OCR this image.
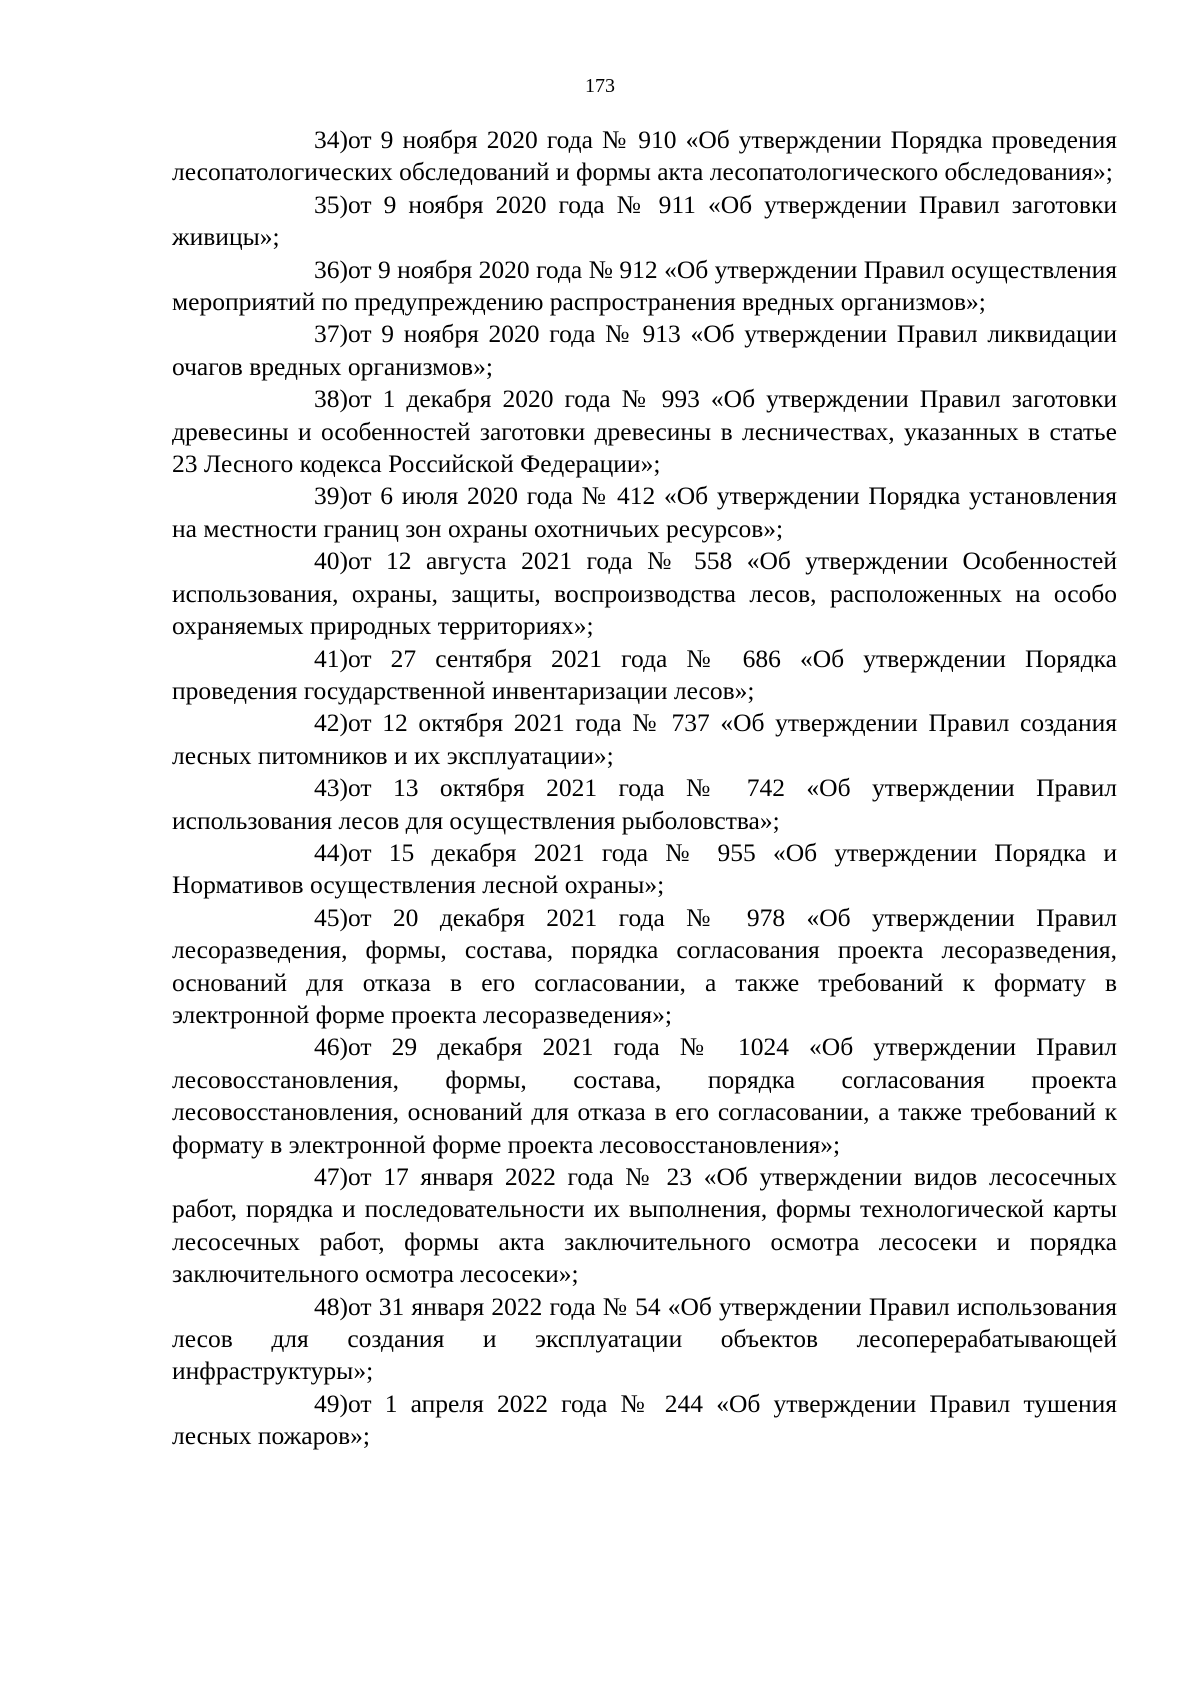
173

34)от 9 ноября 2020 года № 910 «Об утверждении Порядка проведения лесопатологических обследований и формы акта лесопатологического обследования»;

35)от 9 ноября 2020 года № 911 «Об утверждении Правил заготовки живицы»;

36)от 9 ноября 2020 года № 912 «Об утверждении Правил осуществления мероприятий по предупреждению распространения вредных организмов»;

37)от 9 ноября 2020 года № 913 «Об утверждении Правил ликвидации очагов вредных организмов»;

38)от 1 декабря 2020 года № 993 «Об утверждении Правил заготовки древесины и особенностей заготовки древесины в лесничествах, указанных в статье 23 Лесного кодекса Российской Федерации»;

39)от 6 июля 2020 года № 412 «Об утверждении Порядка установления на местности границ зон охраны охотничьих ресурсов»;

40)от 12 августа 2021 года № 558 «Об утверждении Особенностей использования, охраны, защиты, воспроизводства лесов, расположенных на особо охраняемых природных территориях»;

41)от 27 сентября 2021 года № 686 «Об утверждении Порядка проведения государственной инвентаризации лесов»;

42)от 12 октября 2021 года № 737 «Об утверждении Правил создания лесных питомников и их эксплуатации»;

43)от 13 октября 2021 года № 742 «Об утверждении Правил использования лесов для осуществления рыболовства»;

44)от 15 декабря 2021 года № 955 «Об утверждении Порядка и Нормативов осуществления лесной охраны»;

45)от 20 декабря 2021 года № 978 «Об утверждении Правил лесоразведения, формы, состава, порядка согласования проекта лесоразведения, оснований для отказа в его согласовании, а также требований к формату в электронной форме проекта лесоразведения»;

46)от 29 декабря 2021 года № 1024 «Об утверждении Правил лесовосстановления, формы, состава, порядка согласования проекта лесовосстановления, оснований для отказа в его согласовании, а также требований к формату в электронной форме проекта лесовосстановления»;

47)от 17 января 2022 года № 23 «Об утверждении видов лесосечных работ, порядка и последовательности их выполнения, формы технологической карты лесосечных работ, формы акта заключительного осмотра лесосеки и порядка заключительного осмотра лесосеки»;

48)от 31 января 2022 года № 54 «Об утверждении Правил использования лесов для создания и эксплуатации объектов лесоперерабатывающей инфраструктуры»;

49)от 1 апреля 2022 года № 244 «Об утверждении Правил тушения лесных пожаров»;
